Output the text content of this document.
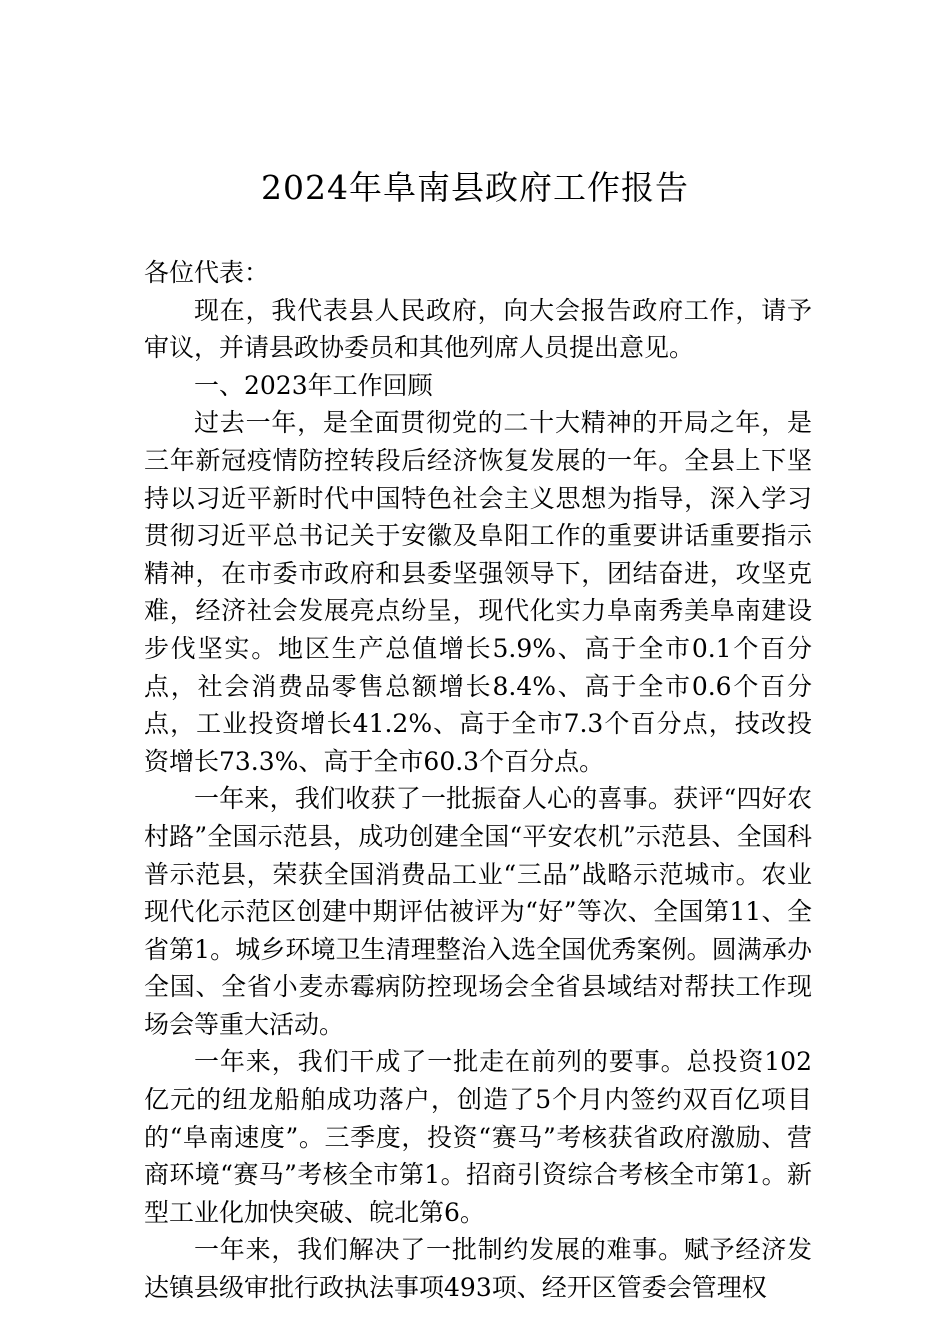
2024年阜南县政府工作报告

各位代表：

现在，我代表县人民政府，向大会报告政府工作，请予审议，并请县政协委员和其他列席人员提出意见。

一、2023年工作回顾

过去一年，是全面贯彻党的二十大精神的开局之年，是三年新冠疫情防控转段后经济恢复发展的一年。全县上下坚持以习近平新时代中国特色社会主义思想为指导，深入学习贯彻习近平总书记关于安徽及阜阳工作的重要讲话重要指示精神，在市委市政府和县委坚强领导下，团结奋进，攻坚克难，经济社会发展亮点纷呈，现代化实力阜南秀美阜南建设步伐坚实。地区生产总值增长5.9%、高于全市0.1个百分点，社会消费品零售总额增长8.4%、高于全市0.6个百分点，工业投资增长41.2%、高于全市7.3个百分点，技改投资增长73.3%、高于全市60.3个百分点。

一年来，我们收获了一批振奋人心的喜事。获评“四好农村路”全国示范县，成功创建全国“平安农机”示范县、全国科普示范县，荣获全国消费品工业“三品”战略示范城市。农业现代化示范区创建中期评估被评为“好”等次、全国第11、全省第1。城乡环境卫生清理整治入选全国优秀案例。圆满承办全国、全省小麦赤霉病防控现场会全省县域结对帮扶工作现场会等重大活动。

一年来，我们干成了一批走在前列的要事。总投资102亿元的纽龙船舶成功落户，创造了5个月内签约双百亿项目的“阜南速度”。三季度，投资“赛马”考核获省政府激励、营商环境“赛马”考核全市第1。招商引资综合考核全市第1。新型工业化加快突破、皖北第6。

一年来，我们解决了一批制约发展的难事。赋予经济发达镇县级审批行政执法事项493项、经开区管委会管理权
